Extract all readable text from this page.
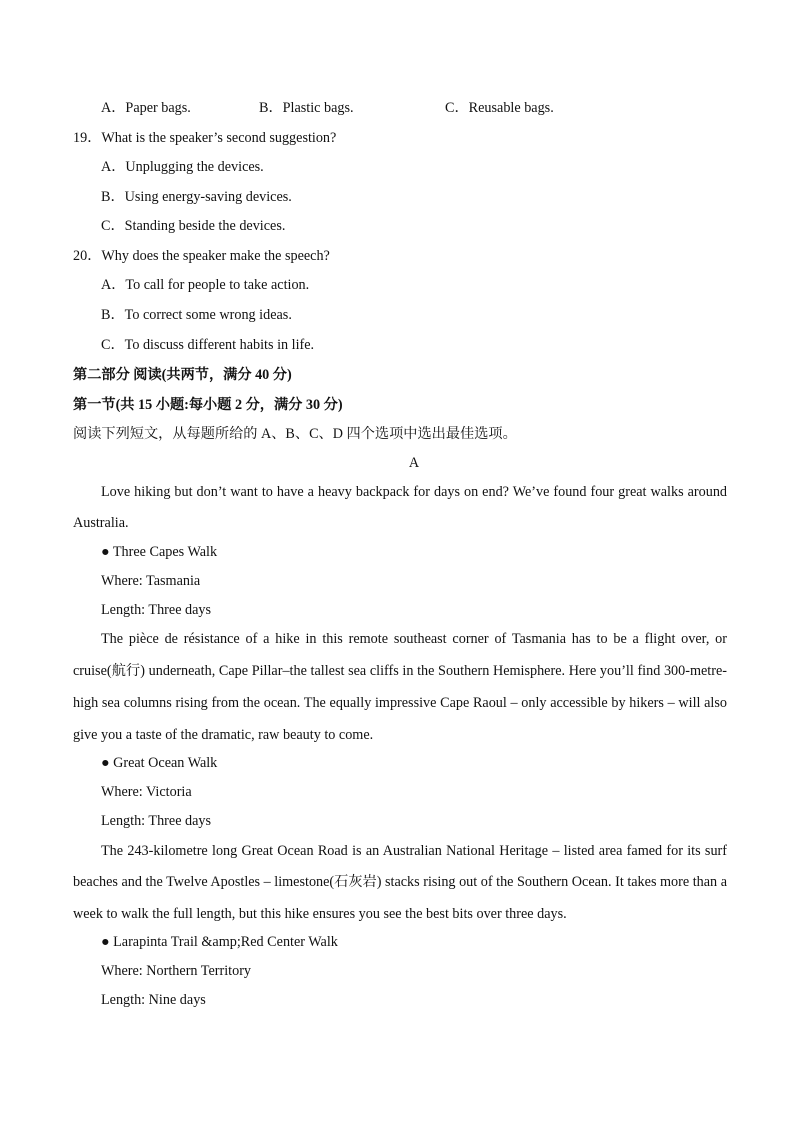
A．Paper bags.	B．Plastic bags.	C．Reusable bags.
19．What is the speaker’s second suggestion?
A．Unplugging the devices.
B．Using energy-saving devices.
C．Standing beside the devices.
20．Why does the speaker make the speech?
A．To call for people to take action.
B．To correct some wrong ideas.
C．To discuss different habits in life.
第二部分 阅读(共两节，满分 40 分)
第一节(共 15 小题:每小题 2 分，满分 30 分)
阅读下列短文，从每题所给的 A、B、C、D 四个选项中选出最佳选项。
A
Love hiking but don’t want to have a heavy backpack for days on end? We’ve found four great walks around
Australia.
● Three Capes Walk
Where: Tasmania
Length: Three days
The pièce de résistance of a hike in this remote southeast corner of Tasmania has to be a flight over, or
cruise(航行) underneath, Cape Pillar–the tallest sea cliffs in the Southern Hemisphere. Here you’ll find 300-metre-
high sea columns rising from the ocean. The equally impressive Cape Raoul – only accessible by hikers – will also
give you a taste of the dramatic, raw beauty to come.
● Great Ocean Walk
Where: Victoria
Length: Three days
The 243-kilometre long Great Ocean Road is an Australian National Heritage – listed area famed for its surf
beaches and the Twelve Apostles – limestone(石灰岩) stacks rising out of the Southern Ocean. It takes more than a
week to walk the full length, but this hike ensures you see the best bits over three days.
● Larapinta Trail &amp;Red Center Walk
Where: Northern Territory
Length: Nine days
